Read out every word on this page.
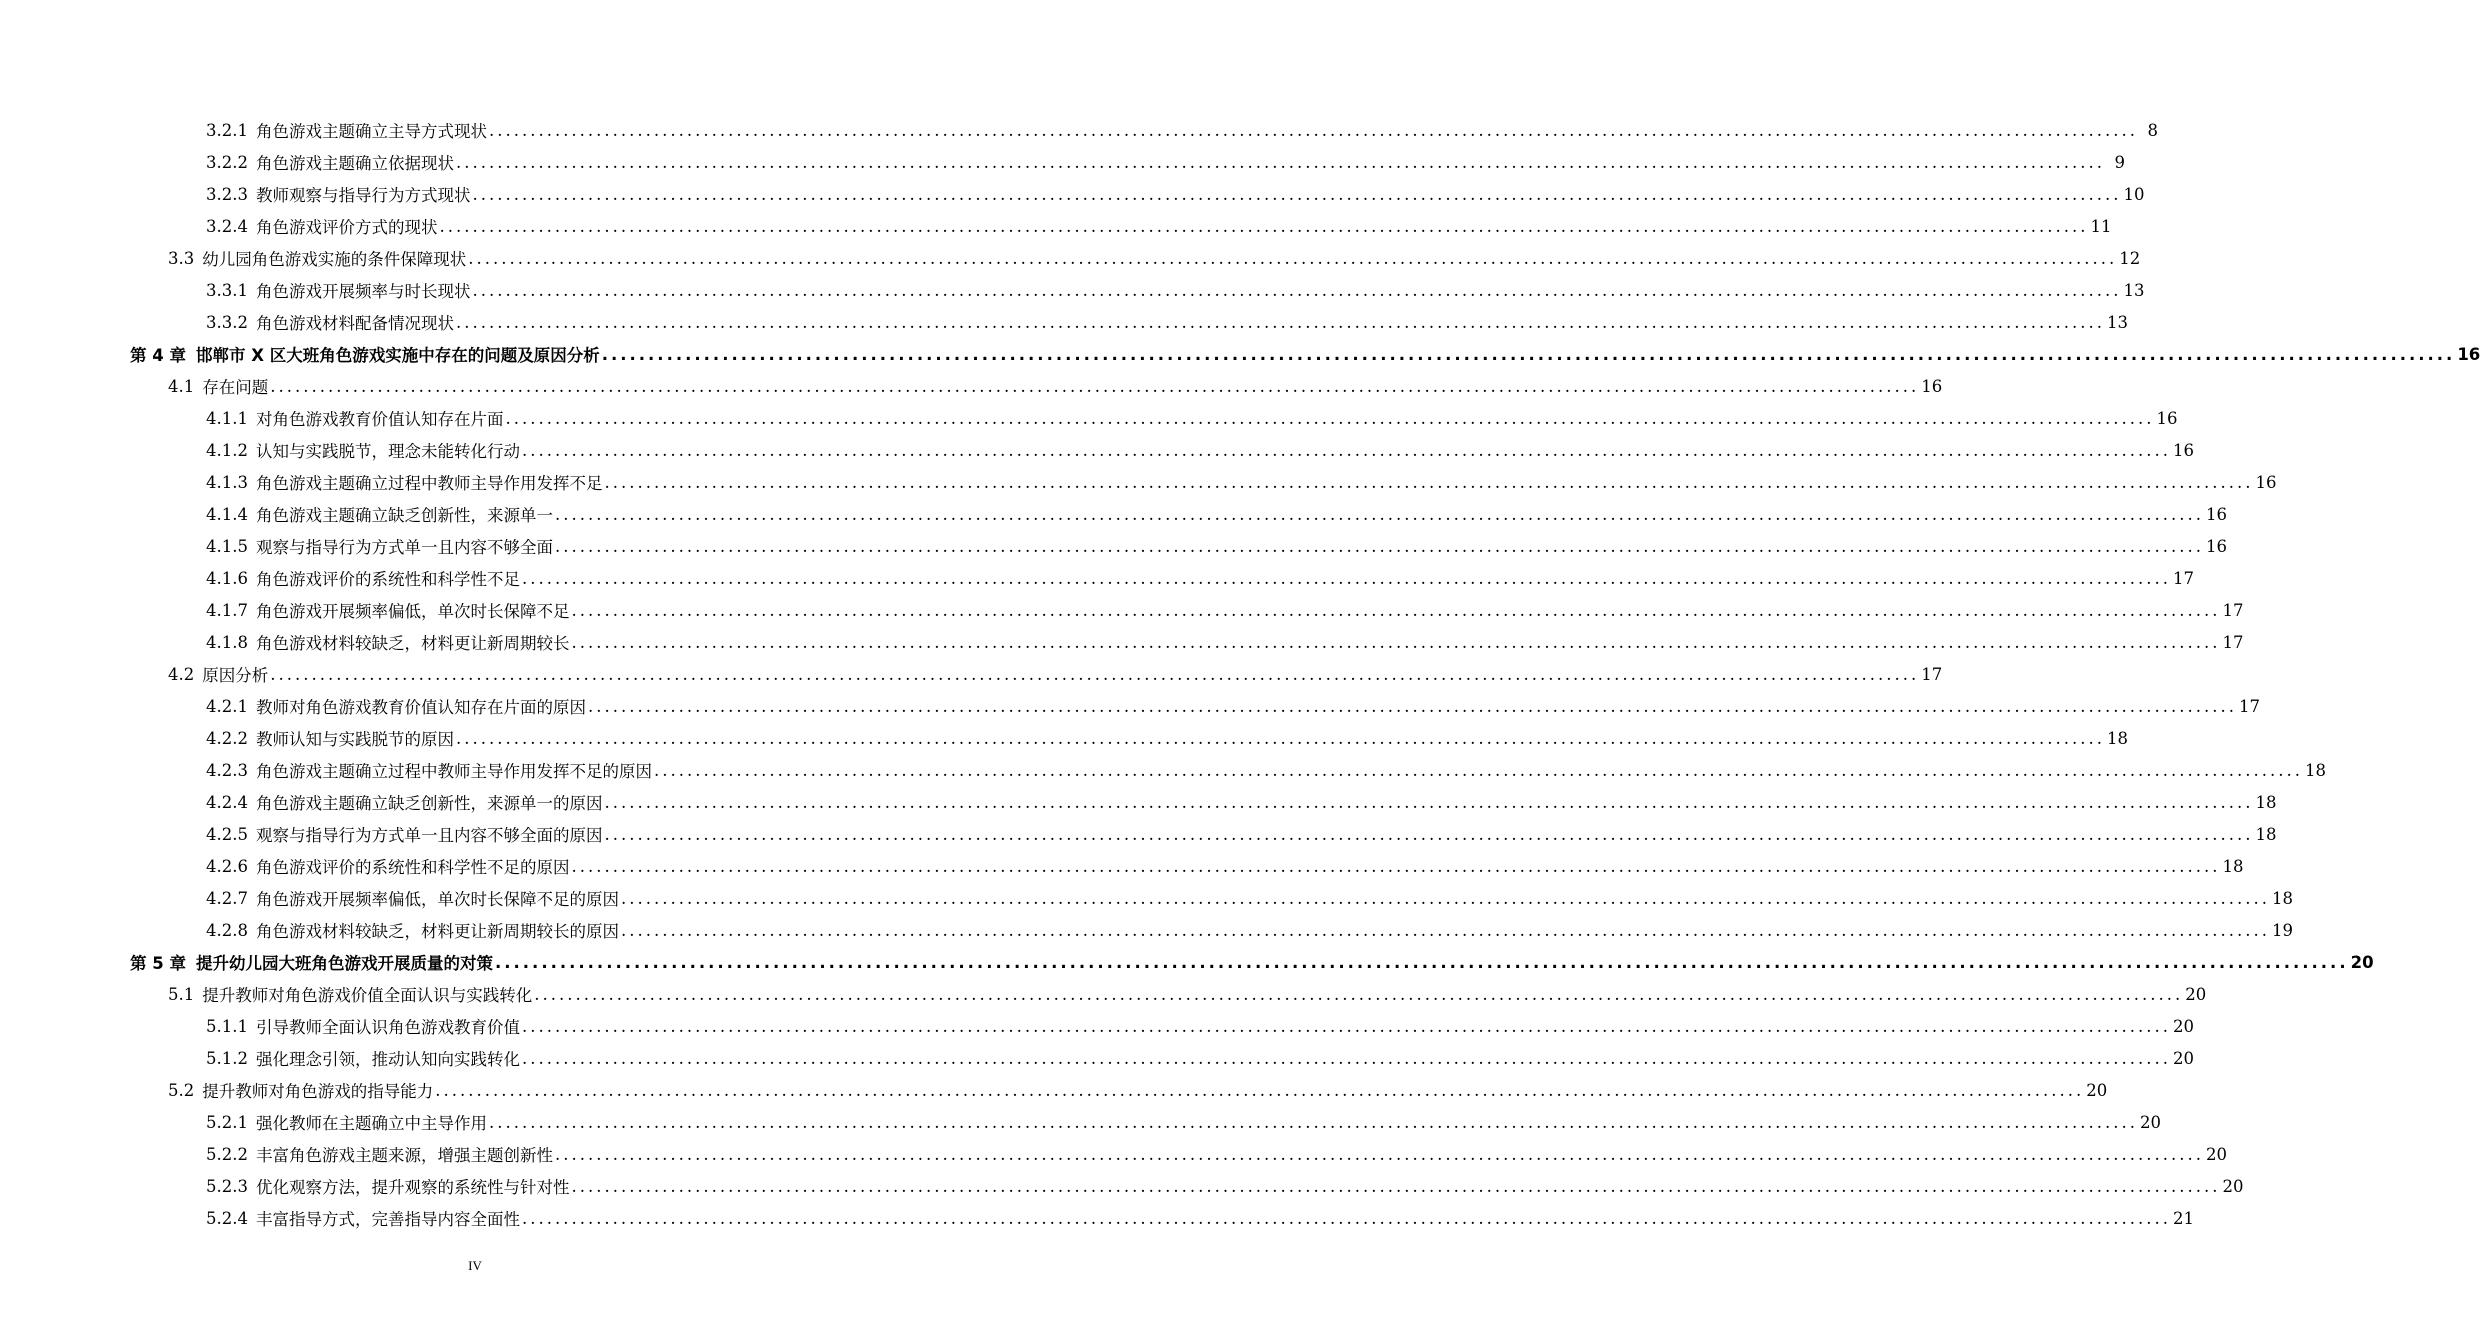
3.2.1 角色游戏主题确立主导方式现状 ........................................................................................................................................................................................................ 8
3.2.2 角色游戏主题确立依据现状 ........................................................................................................................................................................................................ 9
3.2.3 教师观察与指导行为方式现状 ........................................................................................................................................................................................................ 10
3.2.4 角色游戏评价方式的现状 ........................................................................................................................................................................................................ 11
3.3 幼儿园角色游戏实施的条件保障现状 ........................................................................................................................................................................................................ 12
3.3.1 角色游戏开展频率与时长现状 ........................................................................................................................................................................................................ 13
3.3.2 角色游戏材料配备情况现状 ........................................................................................................................................................................................................ 13
第 4 章 邯郸市 X 区大班角色游戏实施中存在的问题及原因分析 ........................................................................................................................................................................................................ 16
4.1 存在问题 ........................................................................................................................................................................................................ 16
4.1.1 对角色游戏教育价值认知存在片面 ........................................................................................................................................................................................................ 16
4.1.2 认知与实践脱节，理念未能转化行动 ........................................................................................................................................................................................................ 16
4.1.3 角色游戏主题确立过程中教师主导作用发挥不足 ........................................................................................................................................................................................................ 16
4.1.4 角色游戏主题确立缺乏创新性，来源单一 ........................................................................................................................................................................................................ 16
4.1.5 观察与指导行为方式单一且内容不够全面 ........................................................................................................................................................................................................ 16
4.1.6 角色游戏评价的系统性和科学性不足 ........................................................................................................................................................................................................ 17
4.1.7 角色游戏开展频率偏低，单次时长保障不足 ........................................................................................................................................................................................................ 17
4.1.8 角色游戏材料较缺乏，材料更让新周期较长 ........................................................................................................................................................................................................ 17
4.2 原因分析 ........................................................................................................................................................................................................ 17
4.2.1 教师对角色游戏教育价值认知存在片面的原因 ........................................................................................................................................................................................................ 17
4.2.2 教师认知与实践脱节的原因 ........................................................................................................................................................................................................ 18
4.2.3 角色游戏主题确立过程中教师主导作用发挥不足的原因 ........................................................................................................................................................................................................ 18
4.2.4 角色游戏主题确立缺乏创新性，来源单一的原因 ........................................................................................................................................................................................................ 18
4.2.5 观察与指导行为方式单一且内容不够全面的原因 ........................................................................................................................................................................................................ 18
4.2.6 角色游戏评价的系统性和科学性不足的原因 ........................................................................................................................................................................................................ 18
4.2.7 角色游戏开展频率偏低，单次时长保障不足的原因 ........................................................................................................................................................................................................ 18
4.2.8 角色游戏材料较缺乏，材料更让新周期较长的原因 ........................................................................................................................................................................................................ 19
第 5 章 提升幼儿园大班角色游戏开展质量的对策 ........................................................................................................................................................................................................ 20
5.1 提升教师对角色游戏价值全面认识与实践转化 ........................................................................................................................................................................................................ 20
5.1.1 引导教师全面认识角色游戏教育价值 ........................................................................................................................................................................................................ 20
5.1.2 强化理念引领，推动认知向实践转化 ........................................................................................................................................................................................................ 20
5.2 提升教师对角色游戏的指导能力 ........................................................................................................................................................................................................ 20
5.2.1 强化教师在主题确立中主导作用 ........................................................................................................................................................................................................ 20
5.2.2 丰富角色游戏主题来源，增强主题创新性 ........................................................................................................................................................................................................ 20
5.2.3 优化观察方法，提升观察的系统性与针对性 ........................................................................................................................................................................................................ 20
5.2.4 丰富指导方式，完善指导内容全面性 ........................................................................................................................................................................................................ 21
IV
